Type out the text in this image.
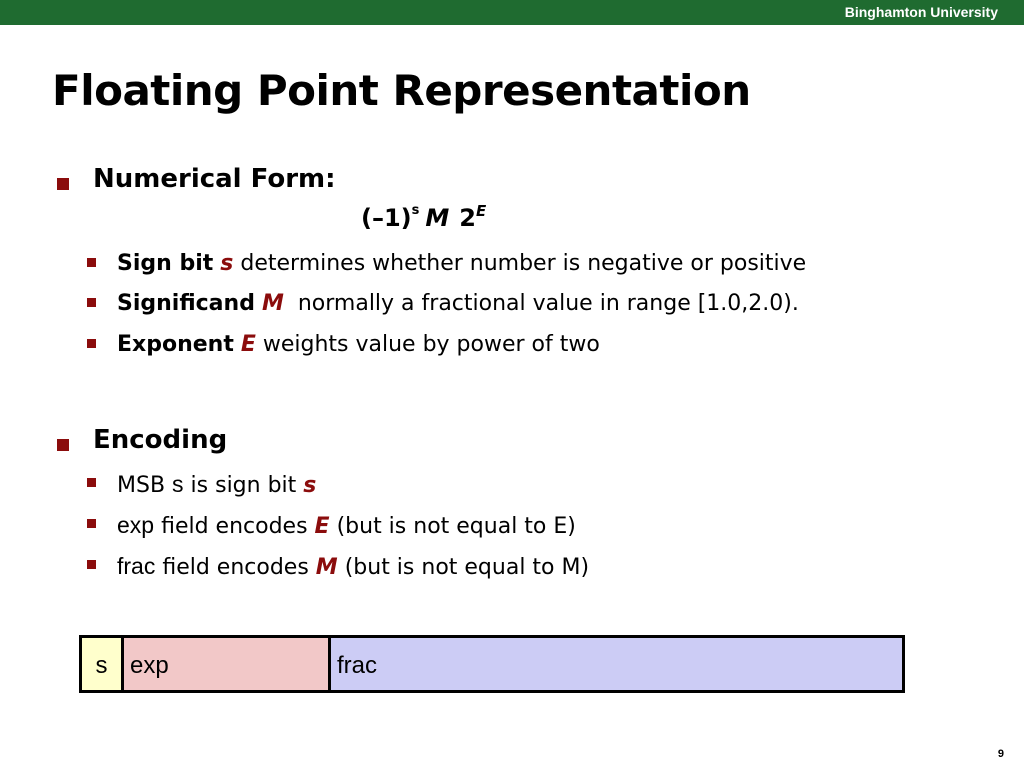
Binghamton University
Floating Point Representation
Numerical Form:
$(-1)^s$ M $2^E$
Sign bit s determines whether number is negative or positive
Significand M  normally a fractional value in range [1.0,2.0).
Exponent E weights value by power of two
Encoding
MSB s is sign bit s
exp field encodes E (but is not equal to E)
frac field encodes M (but is not equal to M)
s exp	frac
9
